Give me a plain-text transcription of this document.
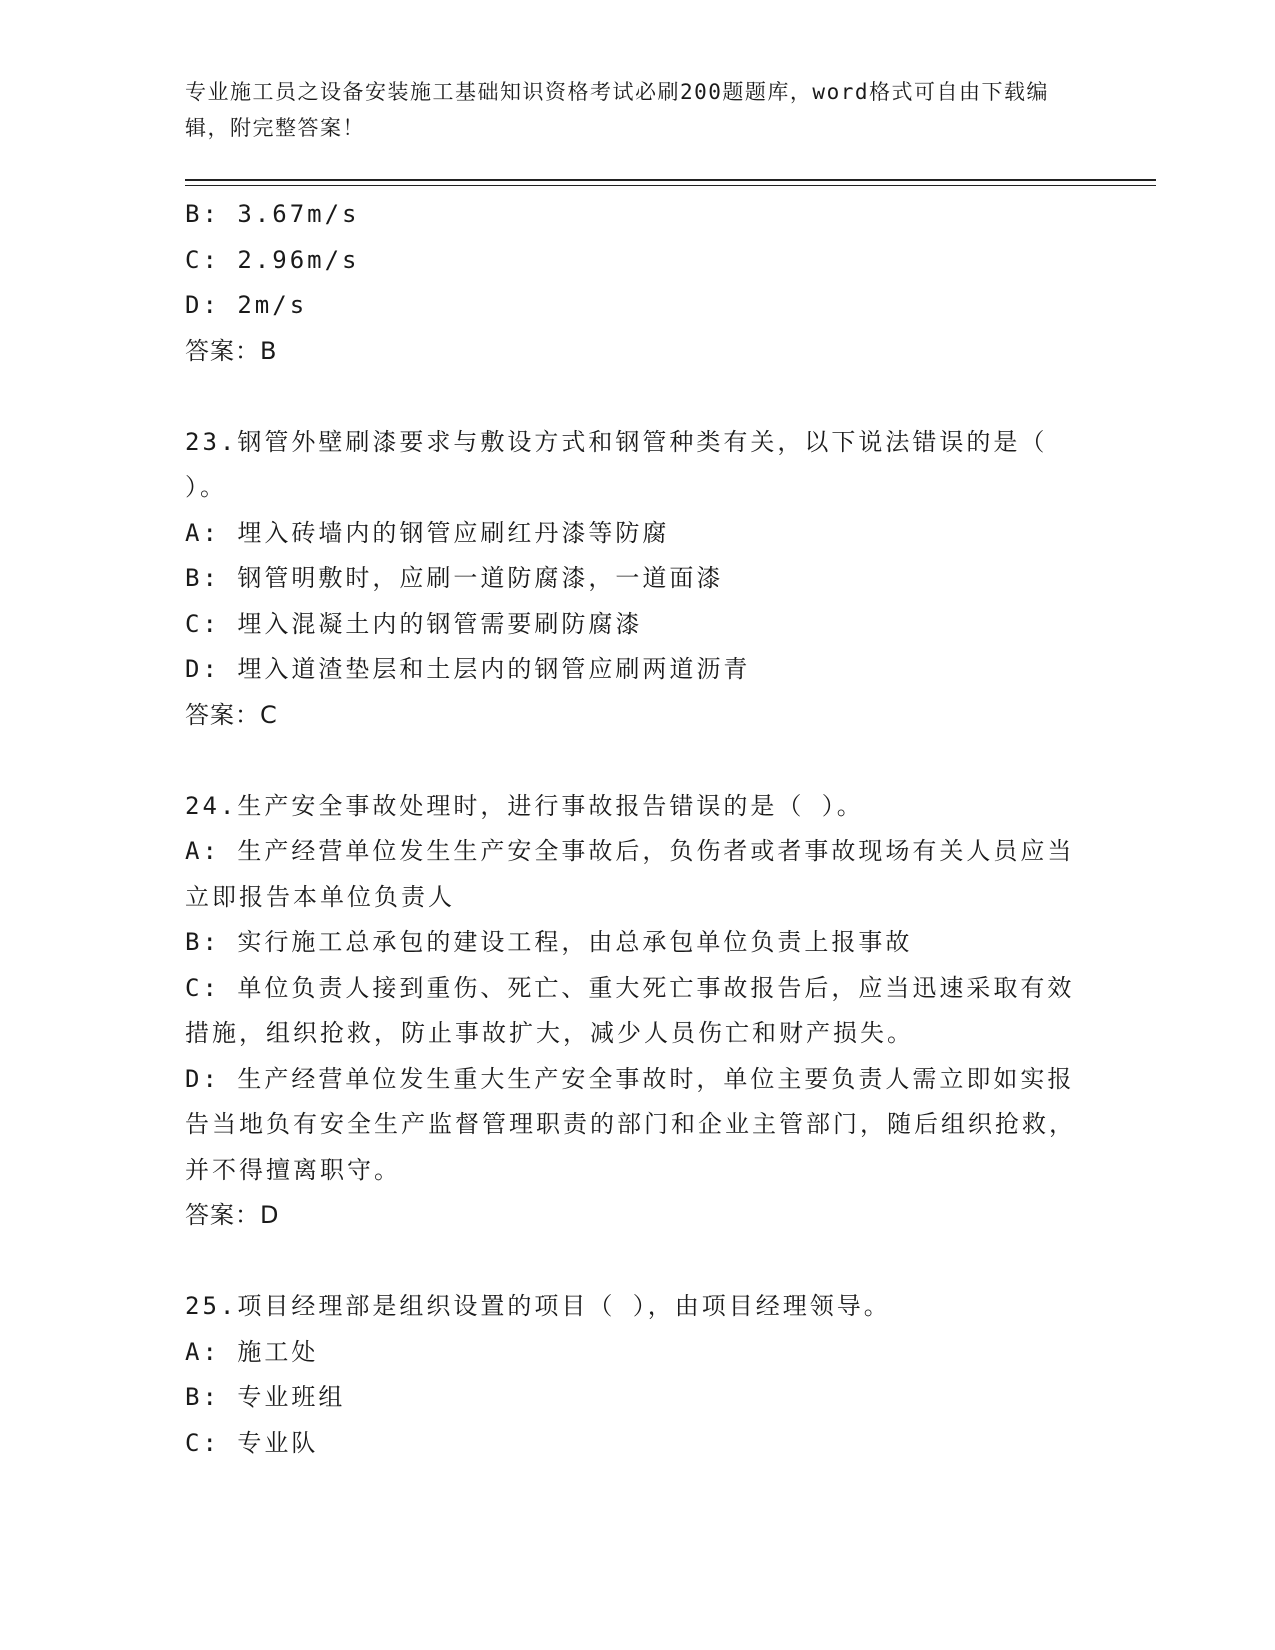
专业施工员之设备安装施工基础知识资格考试必刷200题题库，word格式可自由下载编辑，附完整答案！
B: 3.67m/s
C: 2.96m/s
D: 2m/s
答案：B
23.钢管外壁刷漆要求与敷设方式和钢管种类有关，以下说法错误的是（ ）。
A: 埋入砖墙内的钢管应刷红丹漆等防腐
B: 钢管明敷时，应刷一道防腐漆，一道面漆
C: 埋入混凝土内的钢管需要刷防腐漆
D: 埋入道渣垫层和土层内的钢管应刷两道沥青
答案：C
24.生产安全事故处理时，进行事故报告错误的是（ ）。
A: 生产经营单位发生生产安全事故后，负伤者或者事故现场有关人员应当立即报告本单位负责人
B: 实行施工总承包的建设工程，由总承包单位负责上报事故
C: 单位负责人接到重伤、死亡、重大死亡事故报告后，应当迅速采取有效措施，组织抢救，防止事故扩大，减少人员伤亡和财产损失。
D: 生产经营单位发生重大生产安全事故时，单位主要负责人需立即如实报告当地负有安全生产监督管理职责的部门和企业主管部门，随后组织抢救，并不得擅离职守。
答案：D
25.项目经理部是组织设置的项目（ ），由项目经理领导。
A: 施工处
B: 专业班组
C: 专业队
